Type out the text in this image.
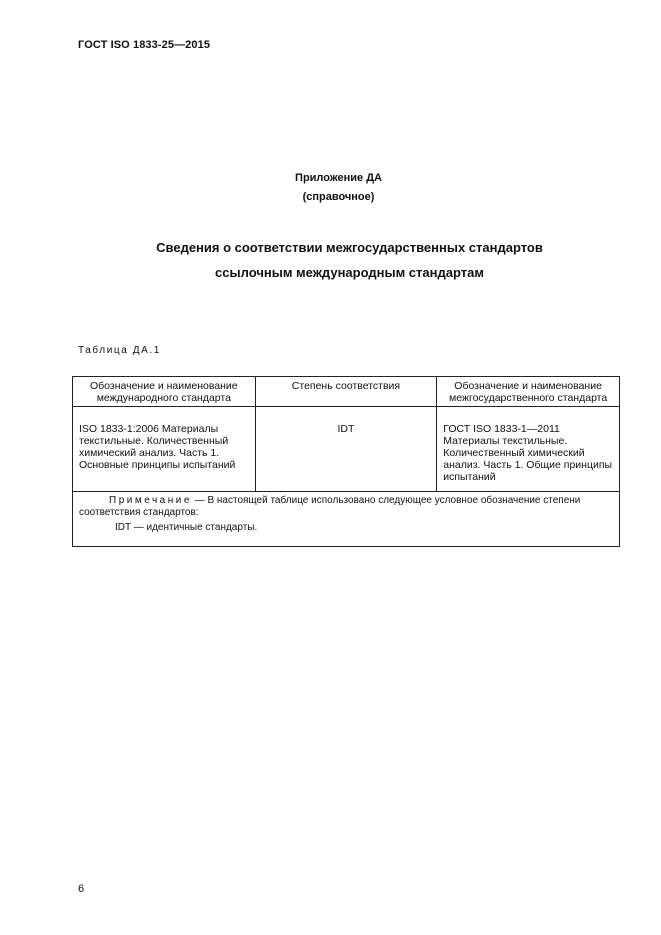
ГОСТ ISO 1833-25—2015
Приложение ДА
(справочное)
Сведения о соответствии межгосударственных стандартов
ссылочным международным стандартам
Таблица ДА.1
Обозначение и наименование международного стандарта	Степень соответствия	Обозначение и наименование межгосударственного стандарта
ISO 1833-1:2006 Материалы текстильные. Количественный химический анализ. Часть 1. Основные принципы испытаний	IDT	ГОСТ ISO 1833-1—2011 Материалы текстильные. Количественный химический анализ. Часть 1. Общие принципы испытаний

Примечание — В настоящей таблице использовано следующее условное обозначение степени соответствия стандартов:
IDT — идентичные стандарты.		
6
